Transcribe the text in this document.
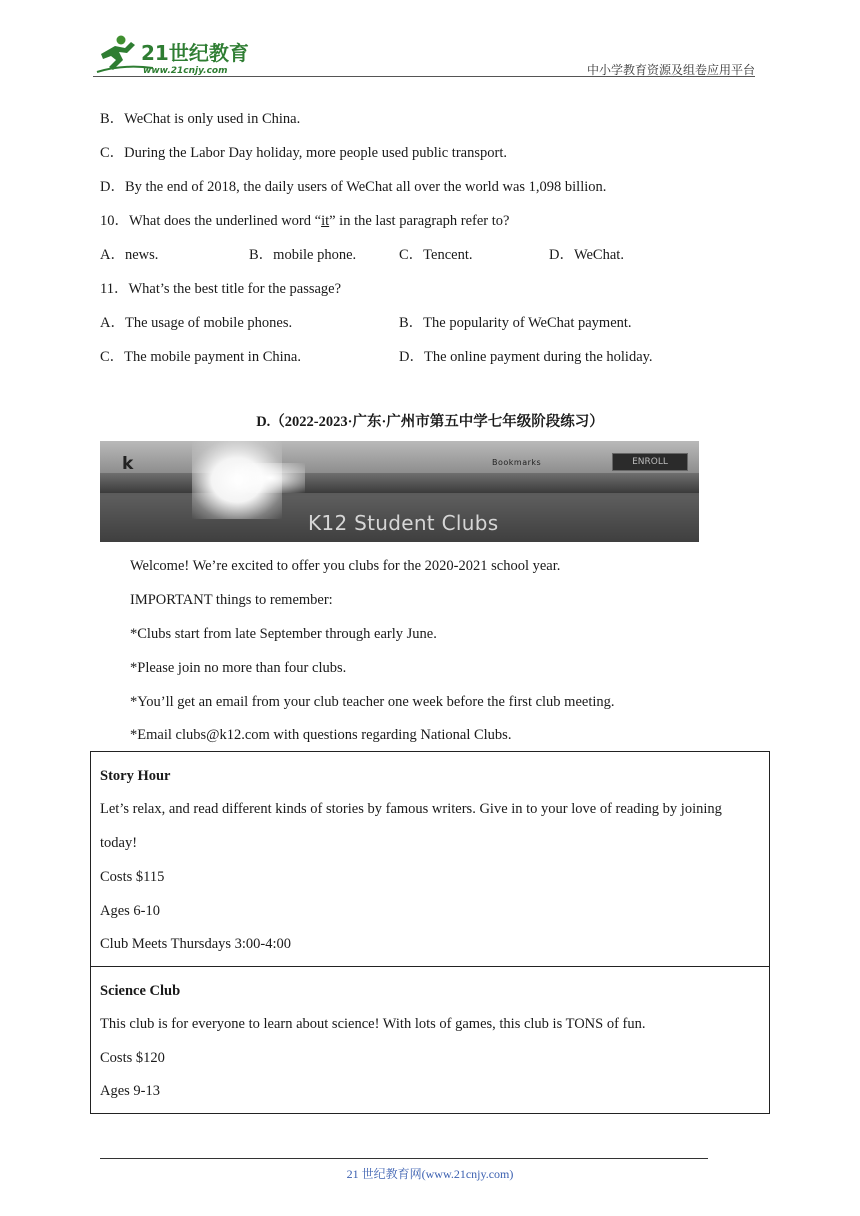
21世纪教育
www.21cnjy.com	中小学教育资源及组卷应用平台
B．WeChat is only used in China.
C．During the Labor Day holiday, more people used public transport.
D．By the end of 2018, the daily users of WeChat all over the world was 1,098 billion.
10．What does the underlined word “it” in the last paragraph refer to?
A．news.	B．mobile phone.	C．Tencent.	D．WeChat.
11．What’s the best title for the passage?
A．The usage of mobile phones.	B．The popularity of WeChat payment.
C．The mobile payment in China.	D．The online payment during the holiday.
D.（2022-2023·广东·广州市第五中学七年级阶段练习）
k	Bookmarks	ENROLL
K12 Student Clubs
Welcome! We’re excited to offer you clubs for the 2020-2021 school year.
IMPORTANT things to remember:
*Clubs start from late September through early June.
*Please join no more than four clubs.
*You’ll get an email from your club teacher one week before the first club meeting.
*Email clubs@k12.com with questions regarding National Clubs.
Story Hour
Let’s relax, and read different kinds of stories by famous writers. Give in to your love of reading by joining
today!
Costs $115
Ages 6-10
Club Meets Thursdays 3:00-4:00
Science Club
This club is for everyone to learn about science! With lots of games, this club is TONS of fun.
Costs $120
Ages 9-13
21 世纪教育网(www.21cnjy.com)
